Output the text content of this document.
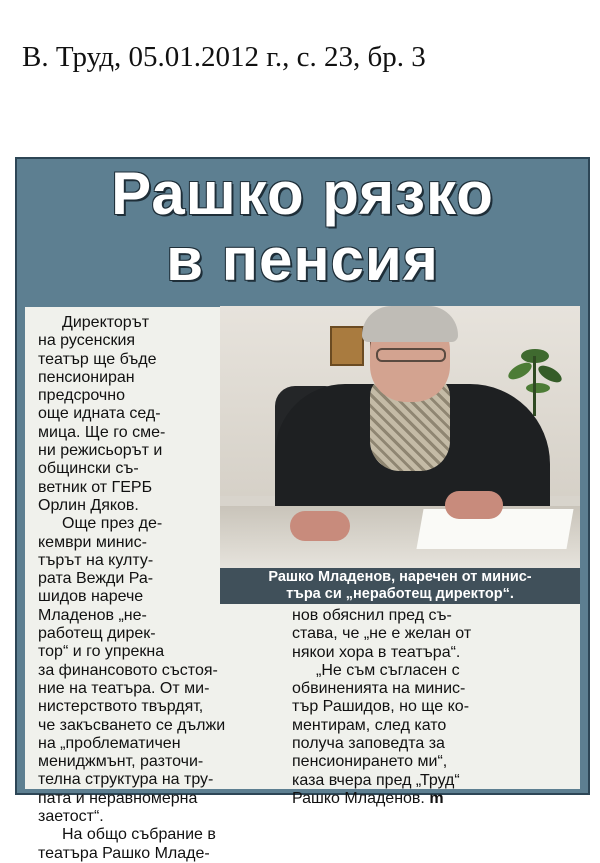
В. Труд, 05.01.2012 г., с. 23, бр. 3
Рашко рязко
в пенсия
Директорът
на русенския
театър ще бъде
пенсиониран
предсрочно
още идната сед-
мица. Ще го сме-
ни режисьорът и
общински съ-
ветник от ГЕРБ
Орлин Дяков.
Още през де-
кември минис-
търът на култу-
рата Вежди Ра-
шидов нарече
Младенов „не-
работещ дирек-
тор“ и го упрекна
за финансовото състоя-
ние на театъра. От ми-
нистерството твърдят,
че закъсването се дължи
на „проблематичен
мениджмънт, разточи-
телна структура на тру-
пата и неравномерна
заетост“.
На общо събрание в
театъра Рашко Младе-
Рашко Младенов, наречен от минис-
търа си „неработещ директор“.
нов обяснил пред съ-
става, че „не е желан от
някои хора в театъра“.
„Не съм съгласен с
обвиненията на минис-
тър Рашидов, но ще ко-
ментирам, след като
получа заповедта за
пенсионирането ми“,
каза вчера пред „Труд“
Рашко Младенов. m
